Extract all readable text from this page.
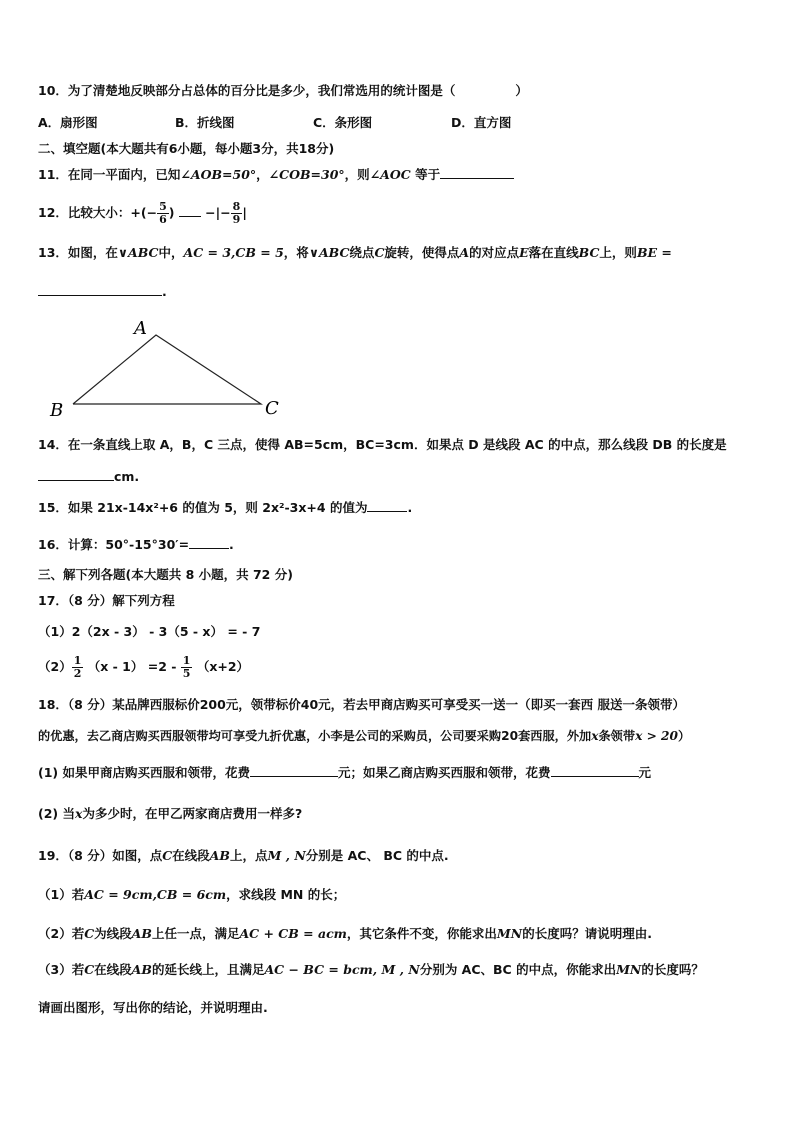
10．为了清楚地反映部分占总体的百分比是多少，我们常选用的统计图是（	）
A．扇形图	B．折线图	C．条形图	D．直方图
二、填空题(本大题共有6小题，每小题3分，共18分)
11．在同一平面内，已知∠AOB=50°，∠COB=30°，则∠AOC 等于
12．比较大小：+(− $\frac{5}{6}$ ) −|− $\frac{8}{9}$ |
13．如图，在∨ABC中，AC = 3,CB = 5，将∨ABC绕点C旋转，使得点A的对应点E落在直线BC上，则BE =
.
A
B	C
14．在一条直线上取 A，B，C 三点，使得 AB=5cm，BC=3cm．如果点 D 是线段 AC 的中点，那么线段 DB 的长度是
cm.
15．如果 21x-14x²+6 的值为 5，则 2x²-3x+4 的值为	.
16．计算：50°-15°30′=	.
三、解下列各题(本大题共 8 小题，共 72 分)
17．（8 分）解下列方程
（1）2（2x - 3） - 3（5 - x） = - 7
$(2) \frac{1}{2} (x - 1) =2 - \frac{1}{5} (x+2)$
18．（8 分）某品牌西服标价200元，领带标价40元，若去甲商店购买可享受买一送一（即买一套西 服送一条领带）
的优惠，去乙商店购买西服领带均可享受九折优惠，小李是公司的采购员，公司要采购20套西服，外加x条领带x > 20）
(1) 如果甲商店购买西服和领带，花费	元；如果乙商店购买西服和领带，花费	元
(2) 当x为多少时，在甲乙两家商店费用一样多?
19．（8 分）如图，点C在线段AB上，点M , N分别是 AC、 BC 的中点.
（1）若AC = 9cm,CB = 6cm，求线段 MN 的长；
（2）若C为线段AB上任一点，满足AC + CB = acm，其它条件不变，你能求出MN的长度吗？请说明理由.
（3）若C在线段AB的延长线上，且满足AC − BC = bcm, M , N分别为 AC、BC 的中点，你能求出MN的长度吗？
请画出图形，写出你的结论，并说明理由.
